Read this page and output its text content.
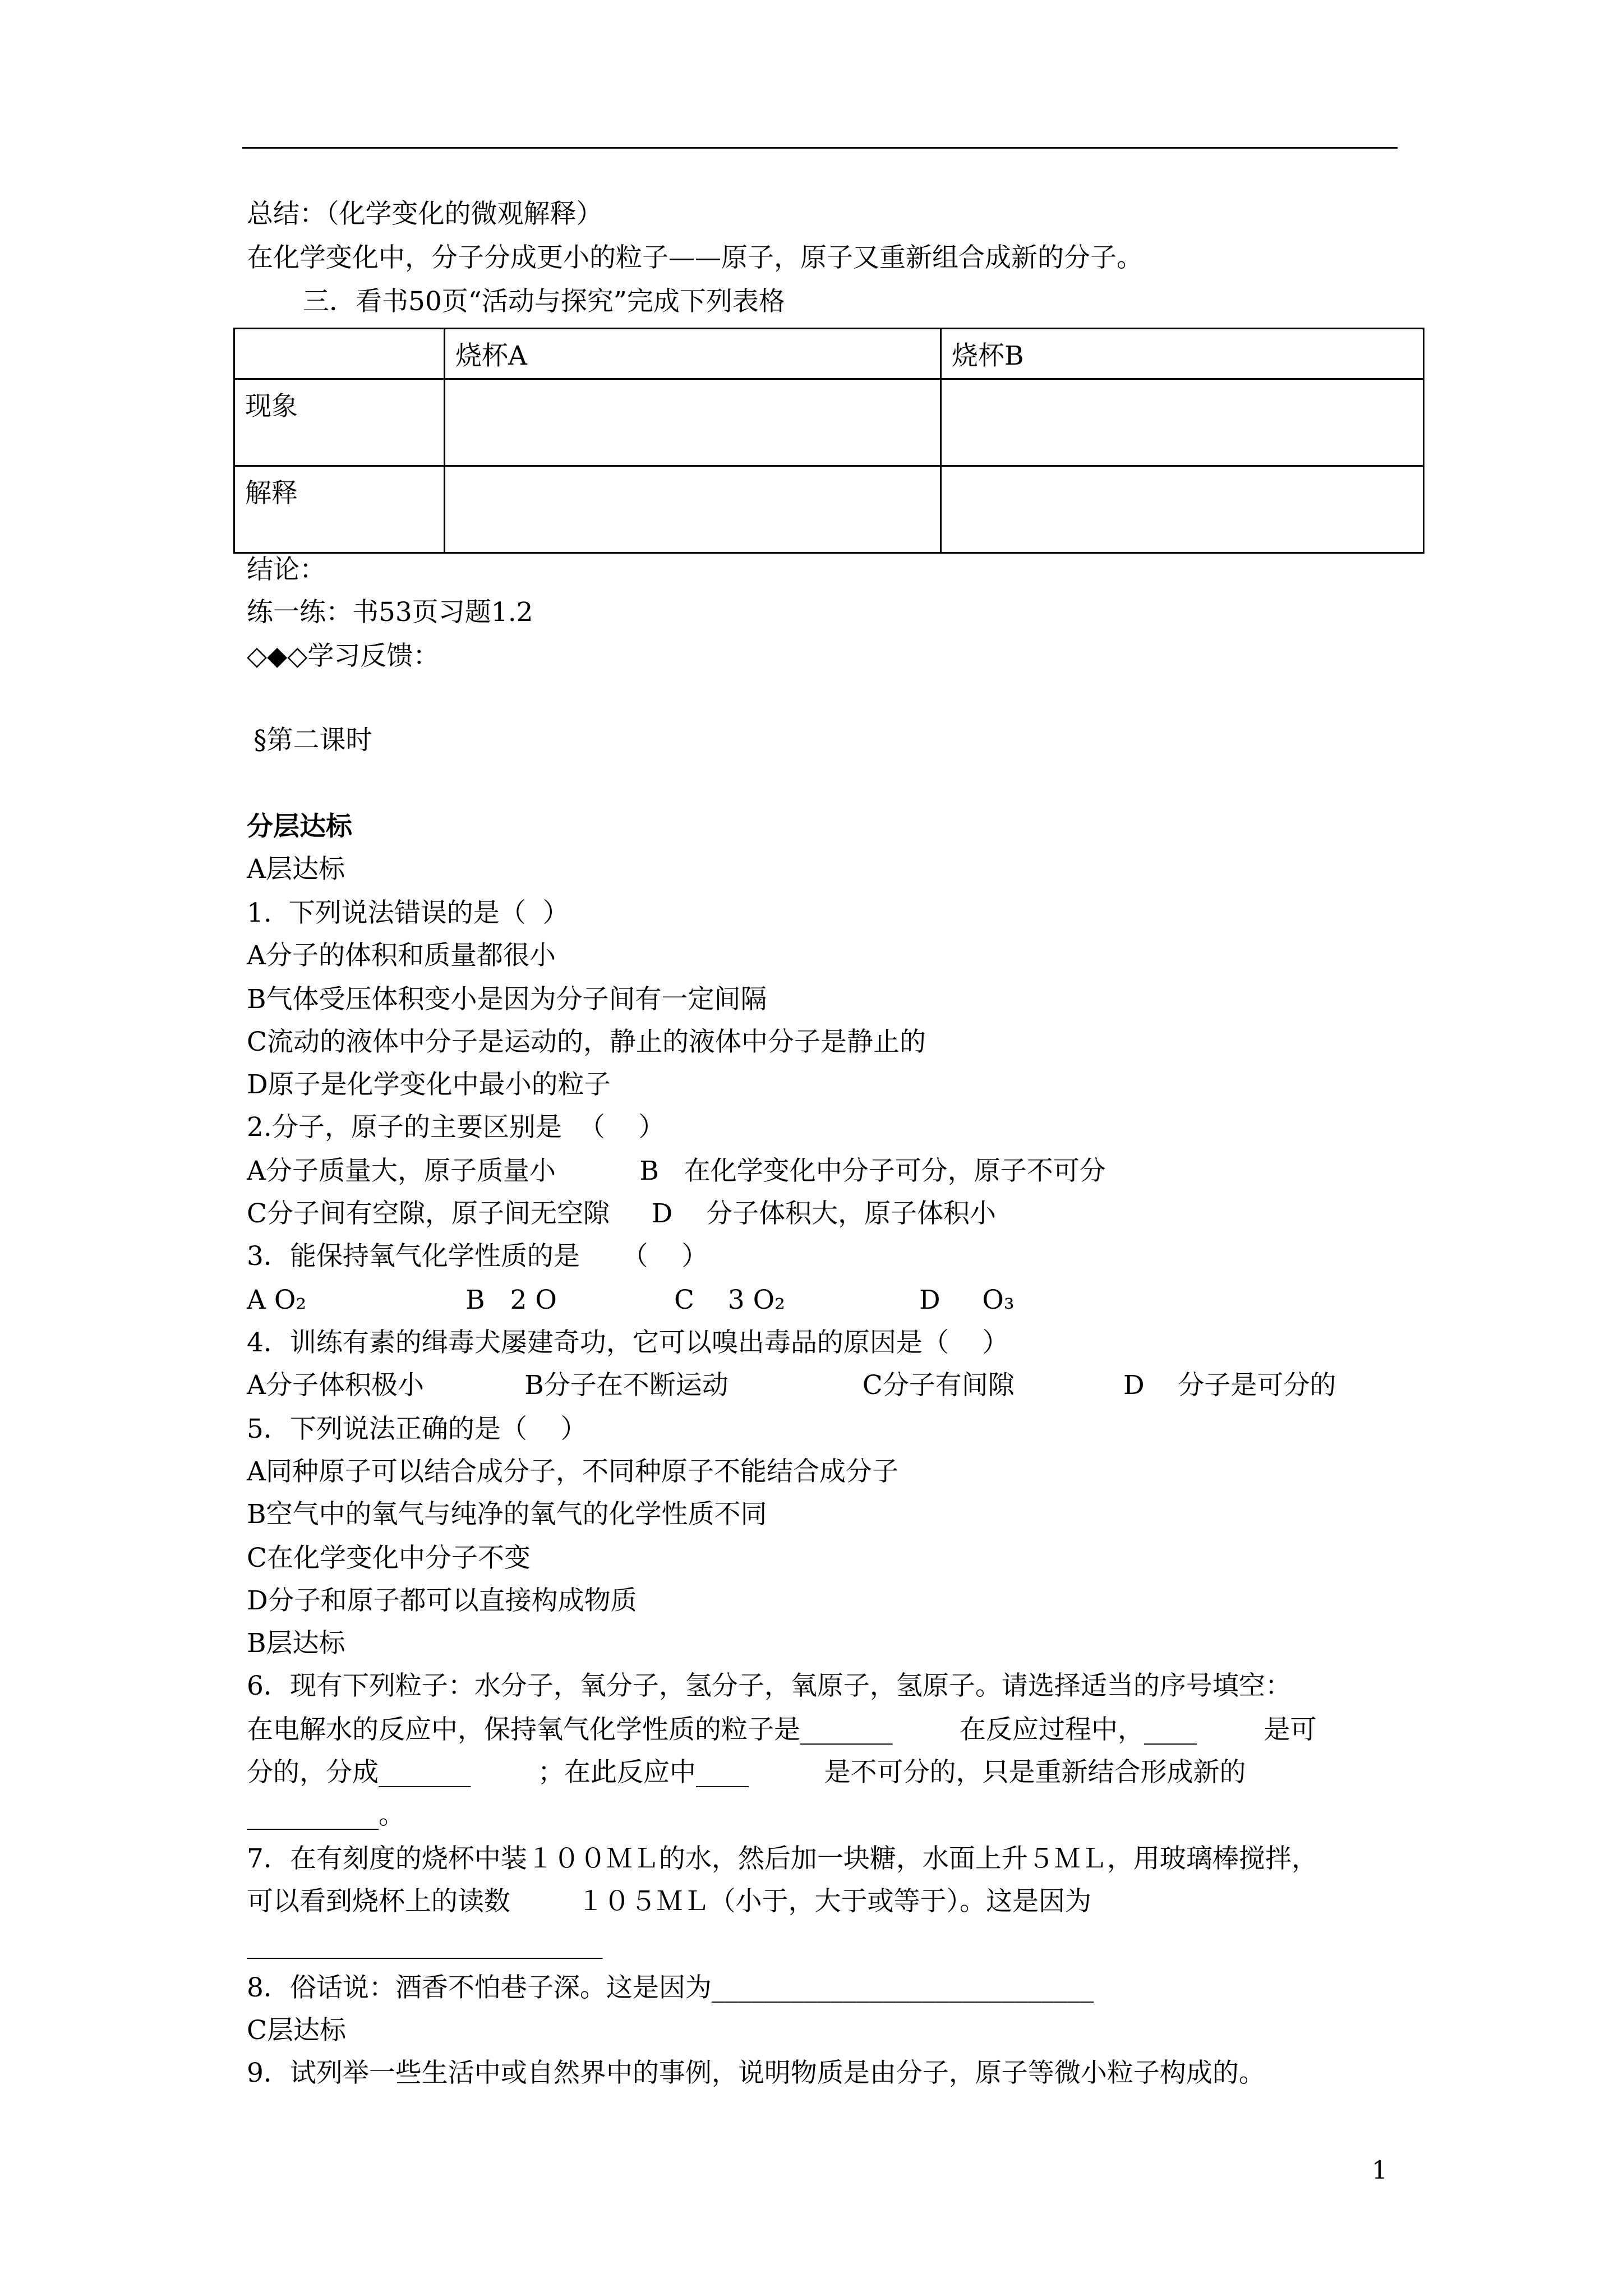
总结：（化学变化的微观解释）
在化学变化中，分子分成更小的粒子——原子，原子又重新组合成新的分子。
三．看书50页“活动与探究”完成下列表格
	烧杯A	烧杯B
现象		
解释		
结论：
练一练：书53页习题1.2
◇◆◇学习反馈：
§第二课时
分层达标
A层达标
1.  下列说法错误的是（  ）
A分子的体积和质量都很小
B气体受压体积变小是因为分子间有一定间隔
C流动的液体中分子是运动的，静止的液体中分子是静止的
D原子是化学变化中最小的粒子
2.分子，原子的主要区别是  （    ）
A分子质量大，原子质量小          B   在化学变化中分子可分，原子不可分
C分子间有空隙，原子间无空隙     D    分子体积大，原子体积小
3．能保持氧气化学性质的是     （    ）
A O₂                   B   2 O              C    3 O₂                D     O₃
4．训练有素的缉毒犬屡建奇功，它可以嗅出毒品的原因是（    ）
A分子体积极小            B分子在不断运动                C分子有间隙             D    分子是可分的
5．下列说法正确的是（    ）
A同种原子可以结合成分子，不同种原子不能结合成分子
B空气中的氧气与纯净的氧气的化学性质不同
C在化学变化中分子不变
D分子和原子都可以直接构成物质
B层达标
6．现有下列粒子：水分子，氧分子，氢分子，氧原子，氢原子。请选择适当的序号填空：
在电解水的反应中，保持氧气化学性质的粒子是_______        在反应过程中，____        是可
分的，分成_______        ；在此反应中____         是不可分的，只是重新结合形成新的
__________。
7．在有刻度的烧杯中装１００ＭＬ的水，然后加一块糖，水面上升５ＭＬ，用玻璃棒搅拌，
可以看到烧杯上的读数        １０５ＭＬ（小于，大于或等于）。这是因为
___________________________
8．俗话说：酒香不怕巷子深。这是因为_____________________________
C层达标
9．试列举一些生活中或自然界中的事例，说明物质是由分子，原子等微小粒子构成的。
1
